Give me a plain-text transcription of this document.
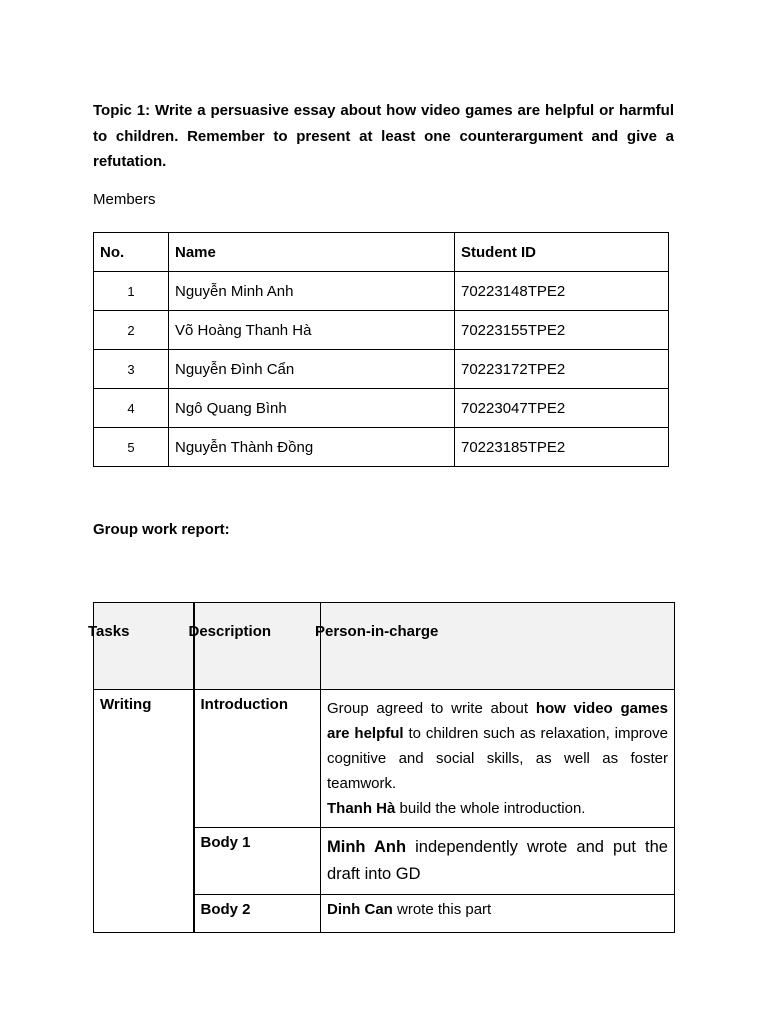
Topic 1: Write a persuasive essay about how video games are helpful or harmful to children. Remember to present at least one counterargument and give a refutation.

Members

No.	Name	Student ID
1	Nguyễn Minh Anh	70223148TPE2
2	Võ Hoàng Thanh Hà	70223155TPE2
3	Nguyễn Đình Cẩn	70223172TPE2
4	Ngô Quang Bình	70223047TPE2
5	Nguyễn Thành Đồng	70223185TPE2

Group work report:

Tasks	Description	Person-in-charge
Writing	Introduction	Group agreed to write about how video games are helpful to children such as relaxation, improve cognitive and social skills, as well as foster teamwork.
Thanh Hà build the whole introduction.

	Body 1	Minh Anh independently wrote and put the draft into GD
	Body 2	Dinh Can wrote this part
